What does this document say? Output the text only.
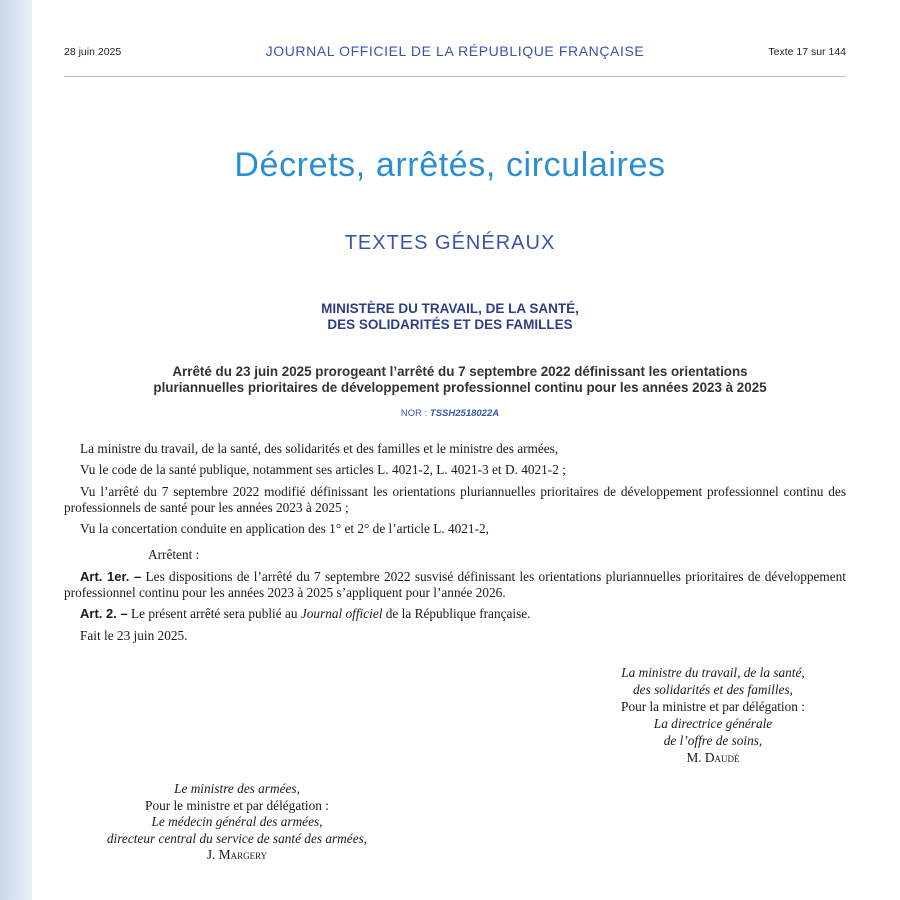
28 juin 2025	JOURNAL OFFICIEL DE LA RÉPUBLIQUE FRANÇAISE	Texte 17 sur 144
Décrets, arrêtés, circulaires
TEXTES GÉNÉRAUX
MINISTÈRE DU TRAVAIL, DE LA SANTÉ,
DES SOLIDARITÉS ET DES FAMILLES
Arrêté du 23 juin 2025 prorogeant l’arrêté du 7 septembre 2022 définissant les orientations
pluriannuelles prioritaires de développement professionnel continu pour les années 2023 à 2025
NOR : TSSH2518022A

La ministre du travail, de la santé, des solidarités et des familles et le ministre des armées,

Vu le code de la santé publique, notamment ses articles L. 4021-2, L. 4021-3 et D. 4021-2 ;

Vu l’arrêté du 7 septembre 2022 modifié définissant les orientations pluriannuelles prioritaires de développement professionnel continu des professionnels de santé pour les années 2023 à 2025 ;

Vu la concertation conduite en application des 1° et 2° de l’article L. 4021-2,

Arrêtent :

Art. 1er. – Les dispositions de l’arrêté du 7 septembre 2022 susvisé définissant les orientations pluriannuelles prioritaires de développement professionnel continu pour les années 2023 à 2025 s’appliquent pour l’année 2026.

Art. 2. – Le présent arrêté sera publié au Journal officiel de la République française.

Fait le 23 juin 2025.

La ministre du travail, de la santé,
des solidarités et des familles,
Pour la ministre et par délégation :
La directrice générale
de l’offre de soins,
M. Daudé
Le ministre des armées,
Pour le ministre et par délégation :
Le médecin général des armées,
directeur central du service de santé des armées,
J. Margery
